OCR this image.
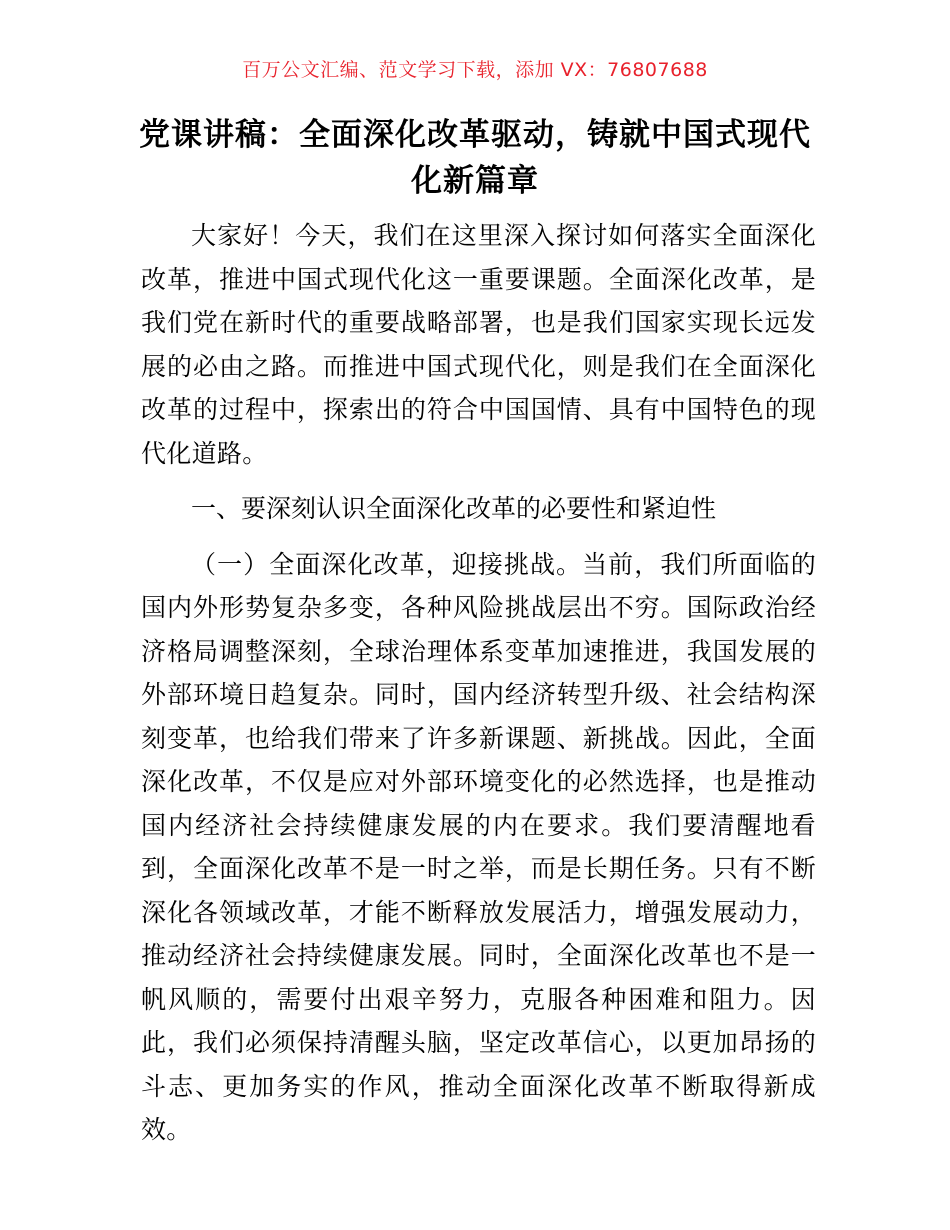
百万公文汇编、范文学习下载，添加 VX：76807688
党课讲稿：全面深化改革驱动，铸就中国式现代化新篇章

大家好！今天，我们在这里深入探讨如何落实全面深化改革，推进中国式现代化这一重要课题。全面深化改革，是我们党在新时代的重要战略部署，也是我们国家实现长远发展的必由之路。而推进中国式现代化，则是我们在全面深化改革的过程中，探索出的符合中国国情、具有中国特色的现代化道路。

一、要深刻认识全面深化改革的必要性和紧迫性

（一）全面深化改革，迎接挑战。当前，我们所面临的国内外形势复杂多变，各种风险挑战层出不穷。国际政治经济格局调整深刻，全球治理体系变革加速推进，我国发展的外部环境日趋复杂。同时，国内经济转型升级、社会结构深刻变革，也给我们带来了许多新课题、新挑战。因此，全面深化改革，不仅是应对外部环境变化的必然选择，也是推动国内经济社会持续健康发展的内在要求。我们要清醒地看到，全面深化改革不是一时之举，而是长期任务。只有不断深化各领域改革，才能不断释放发展活力，增强发展动力，推动经济社会持续健康发展。同时，全面深化改革也不是一帆风顺的，需要付出艰辛努力，克服各种困难和阻力。因此，我们必须保持清醒头脑，坚定改革信心，以更加昂扬的斗志、更加务实的作风，推动全面深化改革不断取得新成效。
